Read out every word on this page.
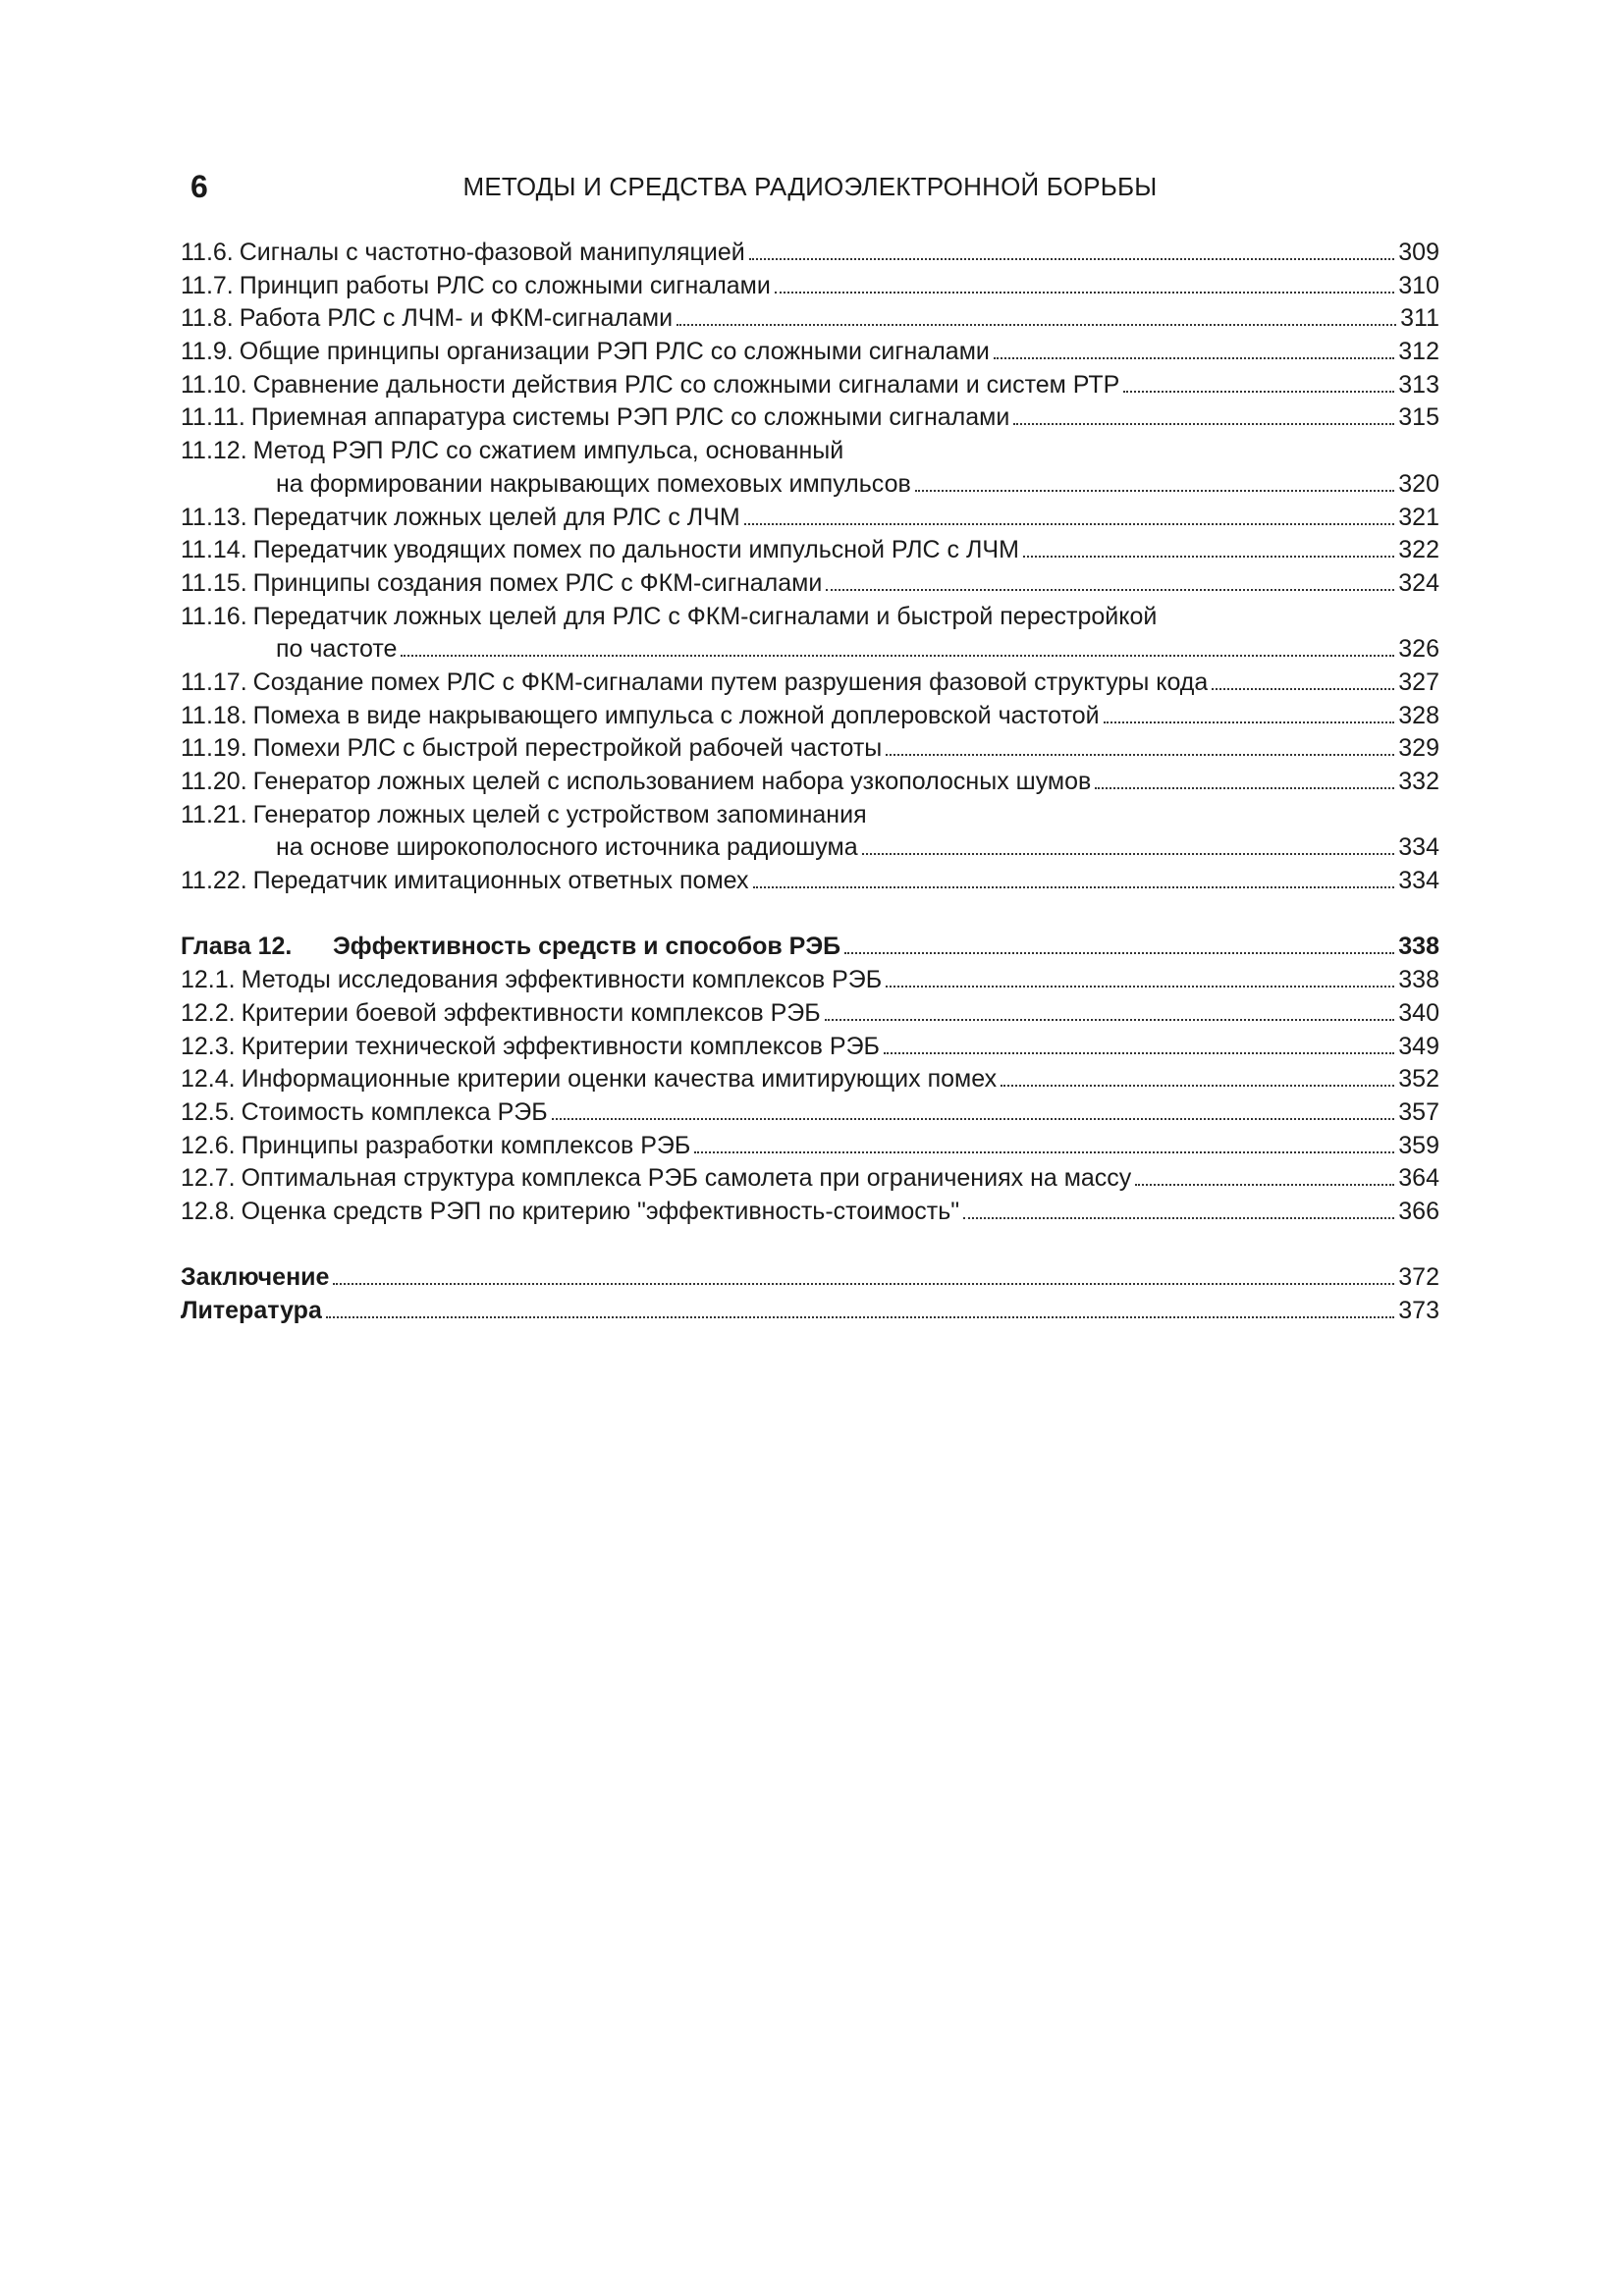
6	МЕТОДЫ И СРЕДСТВА РАДИОЭЛЕКТРОННОЙ БОРЬБЫ
11.6. Сигналы с частотно-фазовой манипуляцией	309
11.7. Принцип работы РЛС со сложными сигналами	310
11.8. Работа РЛС с ЛЧМ- и ФКМ-сигналами	311
11.9. Общие принципы организации РЭП РЛС со сложными сигналами	312
11.10. Сравнение дальности действия РЛС со сложными сигналами и систем РТР	313
11.11. Приемная аппаратура системы РЭП РЛС со сложными сигналами	315
11.12. Метод РЭП РЛС со сжатием импульса, основанный
на формировании накрывающих помеховых импульсов	320
11.13. Передатчик ложных целей для РЛС с ЛЧМ	321
11.14. Передатчик уводящих помех по дальности импульсной РЛС с ЛЧМ	322
11.15. Принципы создания помех РЛС с ФКМ-сигналами	324
11.16. Передатчик ложных целей для РЛС с ФКМ-сигналами и быстрой перестройкой
по частоте	326
11.17. Создание помех РЛС с ФКМ-сигналами путем разрушения фазовой структуры кода	327
11.18. Помеха в виде накрывающего импульса с ложной доплеровской частотой	328
11.19. Помехи РЛС с быстрой перестройкой рабочей частоты	329
11.20. Генератор ложных целей с использованием набора узкополосных шумов	332
11.21. Генератор ложных целей с устройством запоминания
на основе широкополосного источника радиошума	334
11.22. Передатчик имитационных ответных помех	334
Глава 12.	Эффективность средств и способов РЭБ	338
12.1. Методы исследования эффективности комплексов РЭБ	338
12.2. Критерии боевой эффективности комплексов РЭБ	340
12.3. Критерии технической эффективности комплексов РЭБ	349
12.4. Информационные критерии оценки качества имитирующих помех	352
12.5. Стоимость комплекса РЭБ	357
12.6. Принципы разработки комплексов РЭБ	359
12.7. Оптимальная структура комплекса РЭБ самолета при ограничениях на массу	364
12.8. Оценка средств РЭП по критерию "эффективность-стоимость"	366
Заключение	372
Литература	373
